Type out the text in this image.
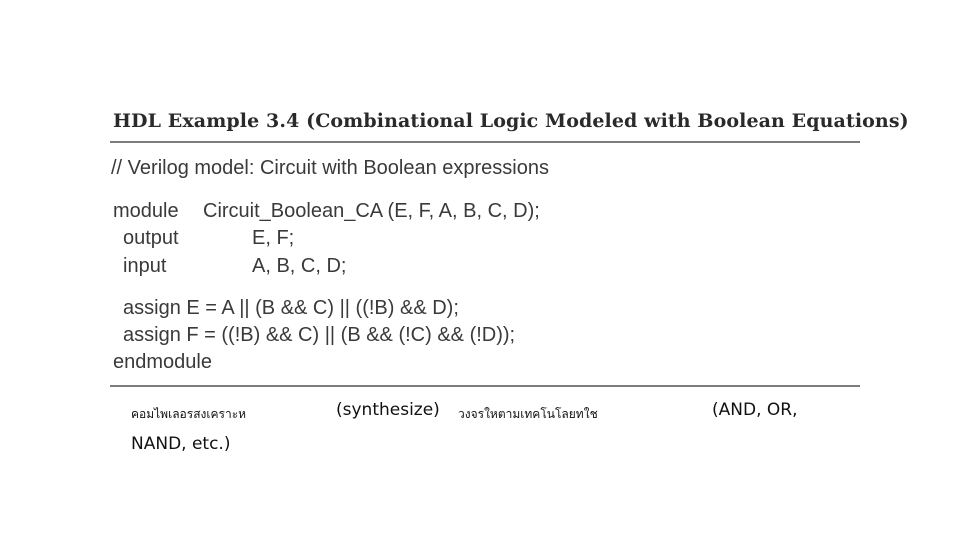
HDL Example 3.4 (Combinational Logic Modeled with Boolean Equations)
// Verilog model: Circuit with Boolean expressions
module Circuit_Boolean_CA (E, F, A, B, C, D);
output	E, F;
input	A, B, C, D;
assign E = A || (B && C) || ((!B) && D);
assign F = ((!B) && C) || (B && (!C) && (!D));
endmodule
คอมไพเลอรสงเคราะห	(synthesize) วงจรใหตามเทคโนโลยทใช	(AND, OR,
NAND, etc.)
